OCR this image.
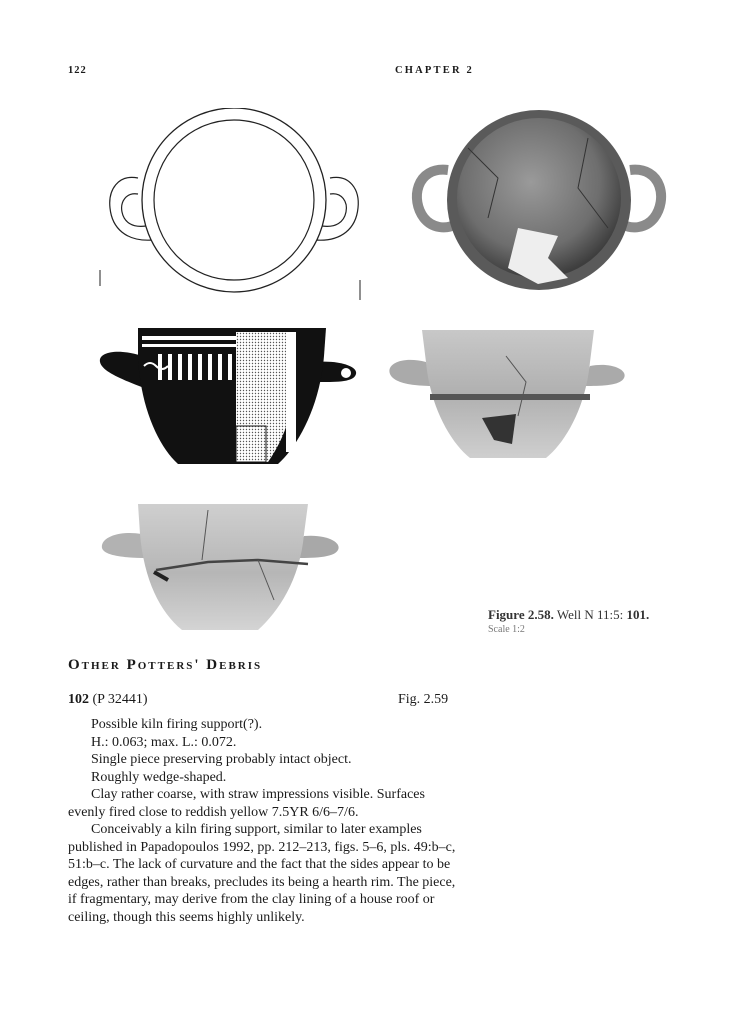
122	CHAPTER 2
Figure 2.58. Well N 11:5: 101.
Scale 1:2
Other Potters' Debris
102 (P 32441)	Fig. 2.59

Possible kiln firing support(?).

H.: 0.063; max. L.: 0.072.

Single piece preserving probably intact object.

Roughly wedge-shaped.

Clay rather coarse, with straw impressions visible. Surfaces evenly fired close to reddish yellow 7.5YR 6/6–7/6.

Conceivably a kiln firing support, similar to later examples published in Papadopoulos 1992, pp. 212–213, figs. 5–6, pls. 49:b–c, 51:b–c. The lack of curvature and the fact that the sides appear to be edges, rather than breaks, precludes its being a hearth rim. The piece, if fragmentary, may derive from the clay lining of a house roof or ceiling, though this seems highly unlikely.
